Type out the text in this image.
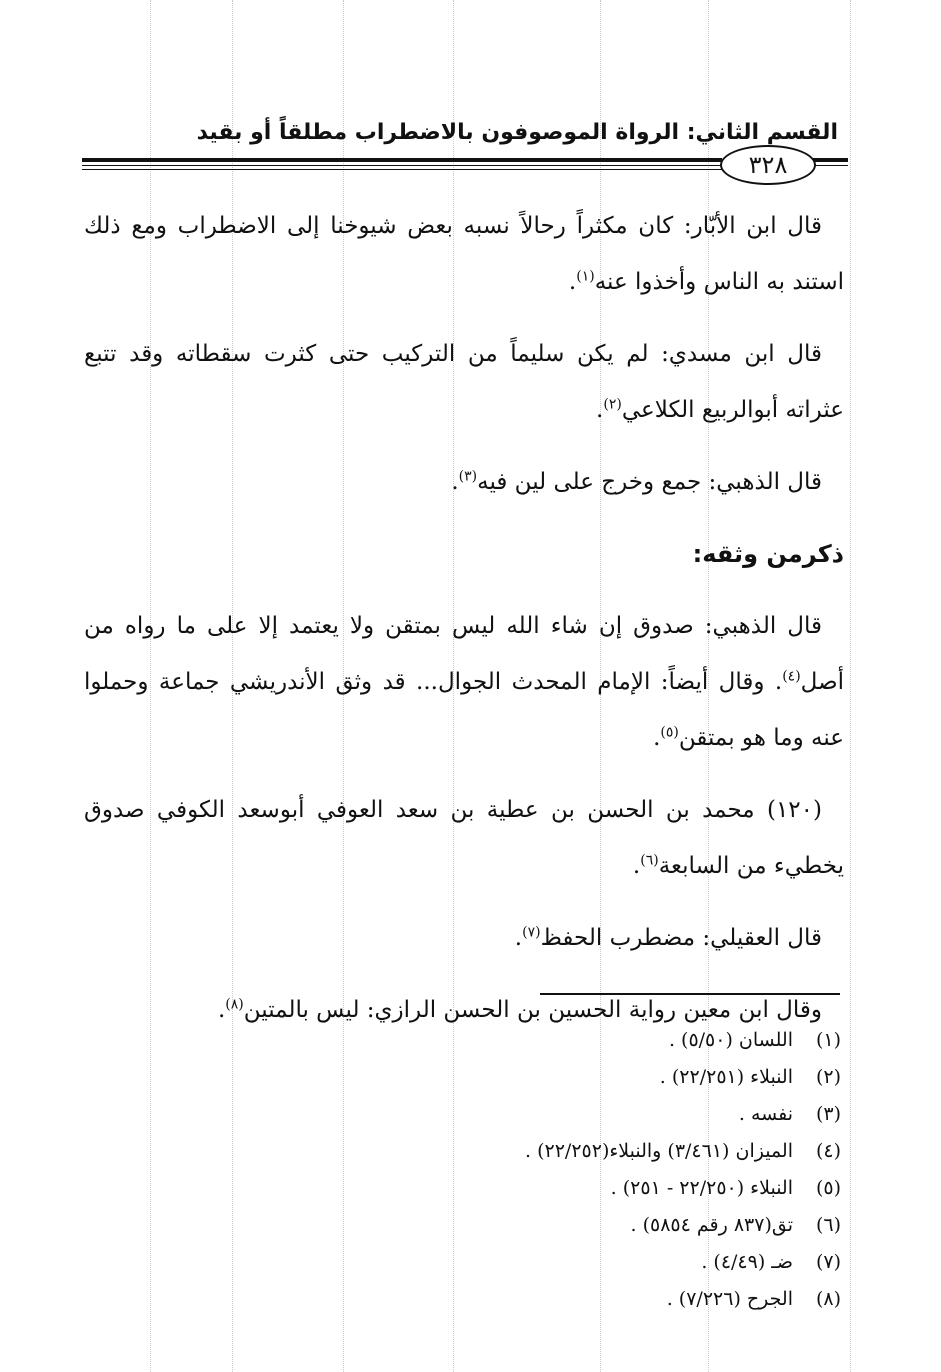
القسم الثاني: الرواة الموصوفون بالاضطراب مطلقاً أو بقيد
٣٢٨

قال ابن الأبّار: كان مكثراً رحالاً نسبه بعض شيوخنا إلى الاضطراب ومع ذلك استند به الناس وأخذوا عنه$^{(١)}$.

قال ابن مسدي: لم يكن سليماً من التركيب حتى كثرت سقطاته وقد تتبع عثراته أبوالربيع الكلاعي$^{(٢)}$.

قال الذهبي: جمع وخرج على لين فيه$^{(٣)}$.

ذكرمن وثقه:

قال الذهبي: صدوق إن شاء الله ليس بمتقن ولا يعتمد إلا على ما رواه من أصل$^{(٤)}$. وقال أيضاً: الإمام المحدث الجوال... قد وثق الأندريشي جماعة وحملوا عنه وما هو بمتقن$^{(٥)}$.

(١٢٠) محمد بن الحسن بن عطية بن سعد العوفي أبوسعد الكوفي صدوق يخطيء من السابعة$^{(٦)}$.

قال العقيلي: مضطرب الحفظ$^{(٧)}$.

وقال ابن معين رواية الحسين بن الحسن الرازي: ليس بالمتين$^{(٨)}$.

(١)
اللسان (٥/٥٠) .
(٢)
النبلاء (٢٢/٢٥١) .
(٣)
نفسه .
(٤)
الميزان (٣/٤٦١) والنبلاء(٢٢/٢٥٢) .
(٥)
النبلاء (٢٢/٢٥٠ - ٢٥١) .
(٦)
تق(٨٣٧ رقم ٥٨٥٤) .
(٧)
ضـ (٤/٤٩) .
(٨)
الجرح (٧/٢٢٦) .
